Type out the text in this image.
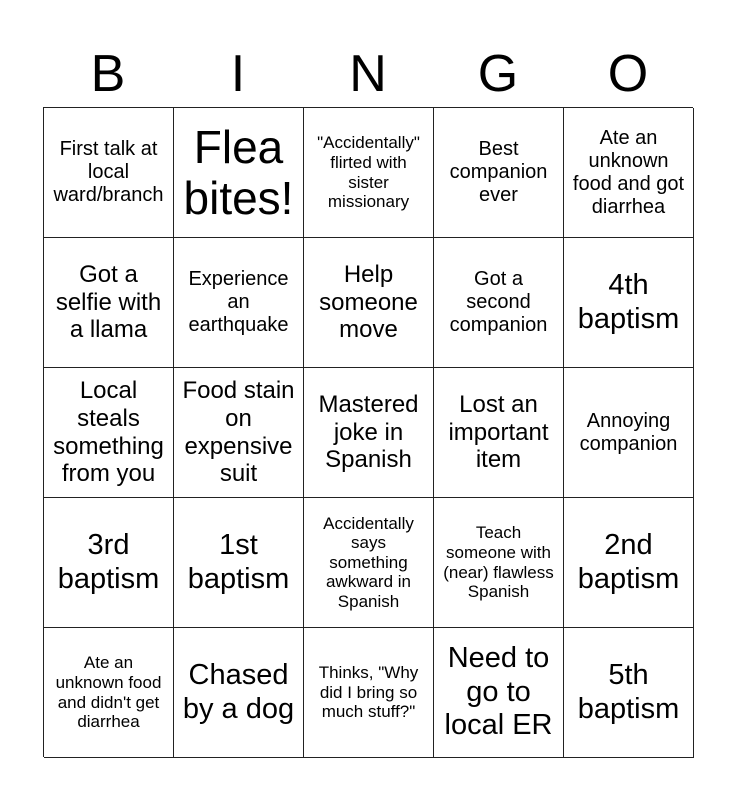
B	I	N	G	O
First talk at local ward/branch
Flea bites!
"Accidentally" flirted with sister missionary
Best companion ever
Ate an unknown food and got diarrhea
Got a selfie with a llama
Experience an earthquake
Help someone move
Got a second companion
4th baptism
Local steals something from you
Food stain on expensive suit
Mastered joke in Spanish
Lost an important item
Annoying companion
3rd baptism
1st baptism
Accidentally says something awkward in Spanish
Teach someone with (near) flawless Spanish
2nd baptism
Ate an unknown food and didn't get diarrhea
Chased by a dog
Thinks, "Why did I bring so much stuff?"
Need to go to local ER
5th baptism
